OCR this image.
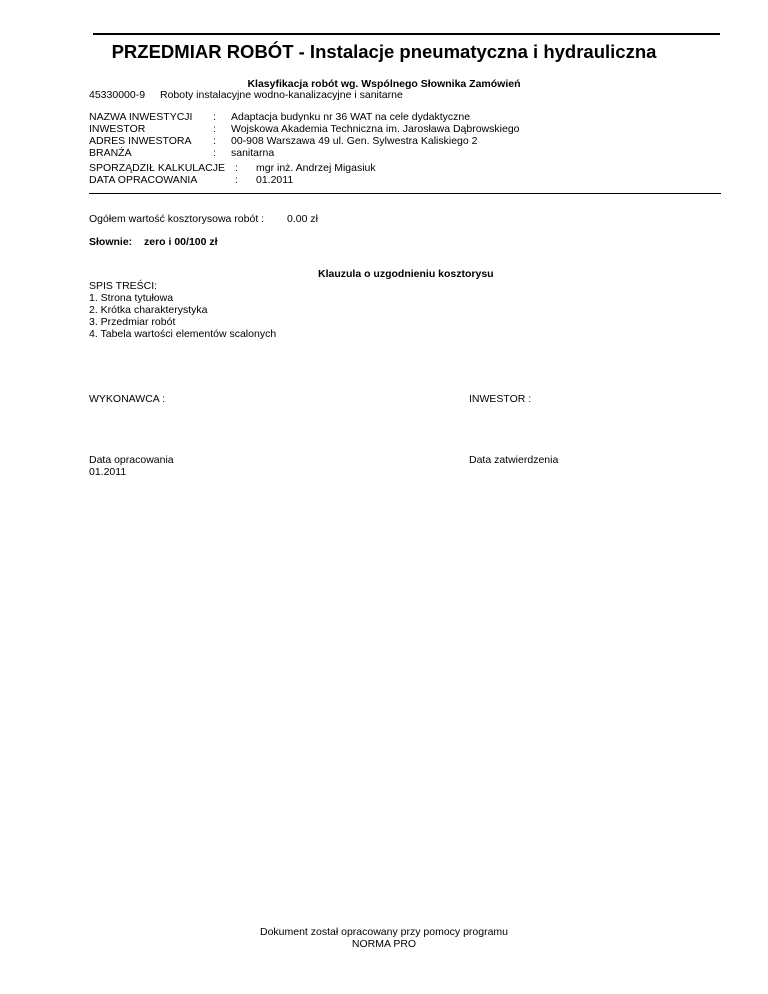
PRZEDMIAR ROBÓT - Instalacje pneumatyczna i hydrauliczna
Klasyfikacja robót wg. Wspólnego Słownika Zamówień
45330000-9 Roboty instalacyjne wodno-kanalizacyjne i sanitarne
NAZWA INWESTYCJI
INWESTOR
ADRES INWESTORA
BRANŻA
:
:
:
:
Adaptacja budynku nr 36 WAT na cele dydaktyczne
Wojskowa Akademia Techniczna im. Jarosława Dąbrowskiego
00-908 Warszawa 49 ul. Gen. Sylwestra Kaliskiego 2
sanitarna
SPORZĄDZIŁ KALKULACJE
DATA OPRACOWANIA
:
:
mgr inż. Andrzej Migasiuk
01.2011
Ogółem wartość kosztorysowa robót : 0.00 zł
Słownie: zero i 00/100 zł
Klauzula o uzgodnieniu kosztorysu
SPIS TREŚCI:
1. Strona tytułowa
2. Krótka charakterystyka
3. Przedmiar robót
4. Tabela wartości elementów scalonych
WYKONAWCA :	INWESTOR :
Data opracowania
01.2011
Data zatwierdzenia
Dokument został opracowany przy pomocy programu
NORMA PRO
